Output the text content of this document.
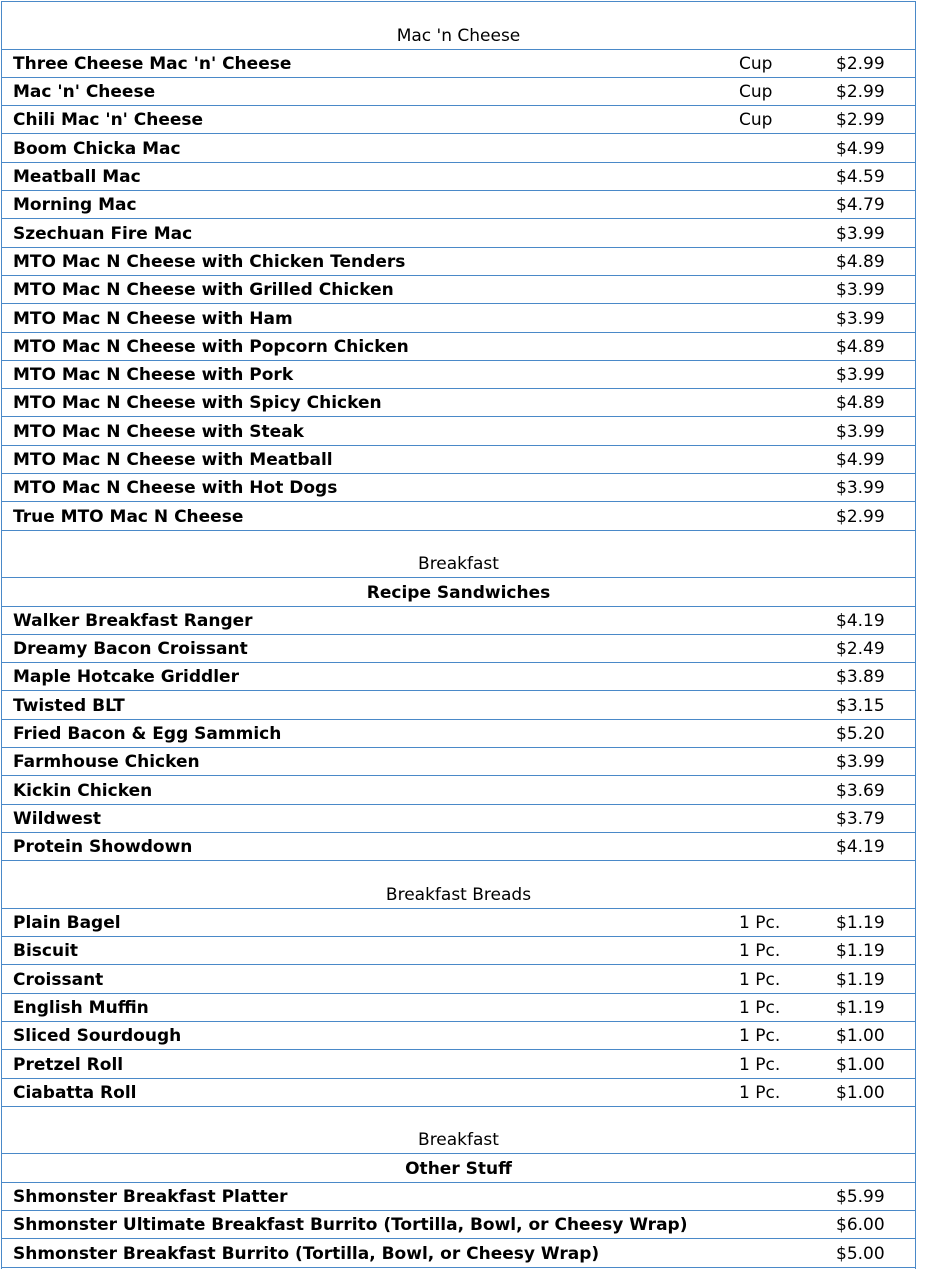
Mac 'n Cheese
Three Cheese Mac 'n' Cheese	Cup	$2.99
Mac 'n' Cheese	Cup	$2.99
Chili Mac 'n' Cheese	Cup	$2.99
Boom Chicka Mac	$4.99
Meatball Mac	$4.59
Morning Mac	$4.79
Szechuan Fire Mac	$3.99
MTO Mac N Cheese with Chicken Tenders	$4.89
MTO Mac N Cheese with Grilled Chicken	$3.99
MTO Mac N Cheese with Ham	$3.99
MTO Mac N Cheese with Popcorn Chicken	$4.89
MTO Mac N Cheese with Pork	$3.99
MTO Mac N Cheese with Spicy Chicken	$4.89
MTO Mac N Cheese with Steak	$3.99
MTO Mac N Cheese with Meatball	$4.99
MTO Mac N Cheese with Hot Dogs	$3.99
True MTO Mac N Cheese	$2.99
Breakfast
Recipe Sandwiches
Walker Breakfast Ranger	$4.19
Dreamy Bacon Croissant	$2.49
Maple Hotcake Griddler	$3.89
Twisted BLT	$3.15
Fried Bacon & Egg Sammich	$5.20
Farmhouse Chicken	$3.99
Kickin Chicken	$3.69
Wildwest	$3.79
Protein Showdown	$4.19
Breakfast Breads
Plain Bagel	1 Pc.	$1.19
Biscuit	1 Pc.	$1.19
Croissant	1 Pc.	$1.19
English Muffin	1 Pc.	$1.19
Sliced Sourdough	1 Pc.	$1.00
Pretzel Roll	1 Pc.	$1.00
Ciabatta Roll	1 Pc.	$1.00
Breakfast
Other Stuff
Shmonster Breakfast Platter	$5.99
Shmonster Ultimate Breakfast Burrito (Tortilla, Bowl, or Cheesy Wrap)	$6.00
Shmonster Breakfast Burrito (Tortilla, Bowl, or Cheesy Wrap)	$5.00
